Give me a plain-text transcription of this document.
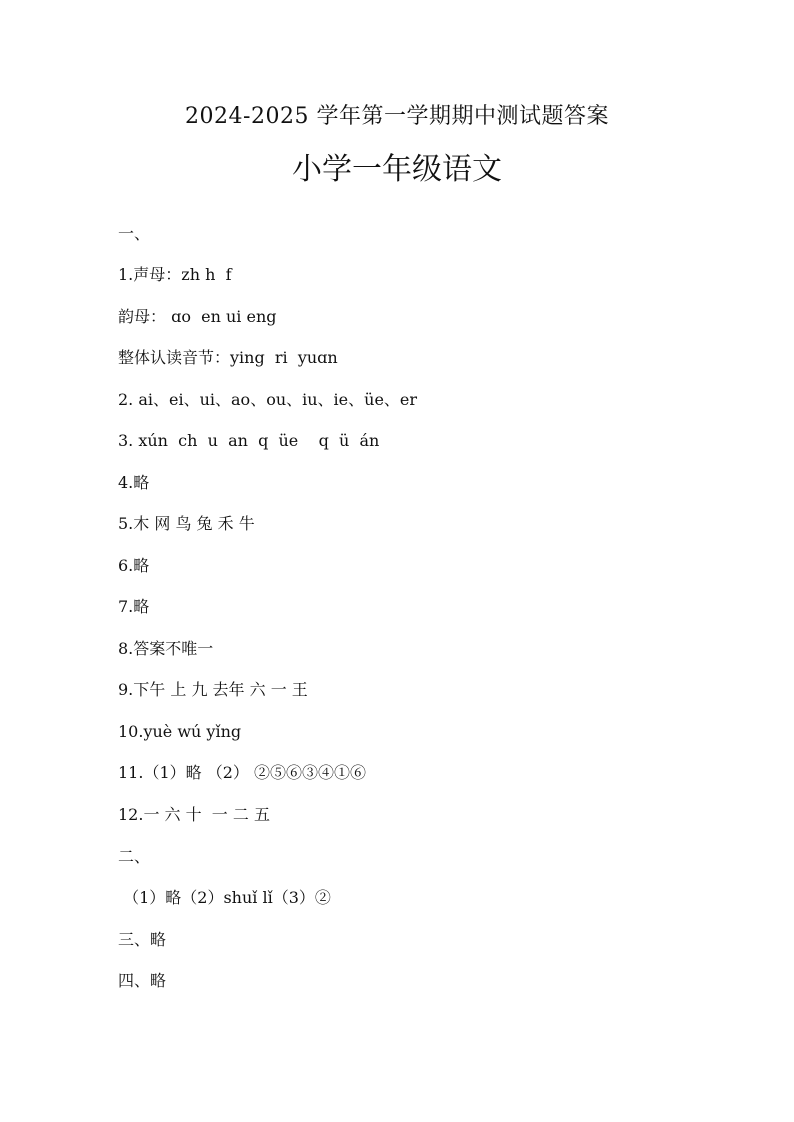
2024-2025 学年第一学期期中测试题答案
小学一年级语文
一、
1.声母：zh h  f
韵母： ɑo  en ui eng
整体认读音节：ying  ri  yuɑn
2. ai、ei、ui、ao、ou、iu、ie、üe、er
3. xún  ch  u  an  q  üe    q  ü  án
4.略
5.木 网 鸟 兔 禾 牛
6.略
7.略
8.答案不唯一
9.下午 上 九 去年 六 一 王
10.yuè wú yǐng
11.（1）略 （2） ②⑤⑥③④①⑥
12.一 六 十  一 二 五
二、
（1）略（2）shuǐ lǐ（3）②
三、略
四、略
